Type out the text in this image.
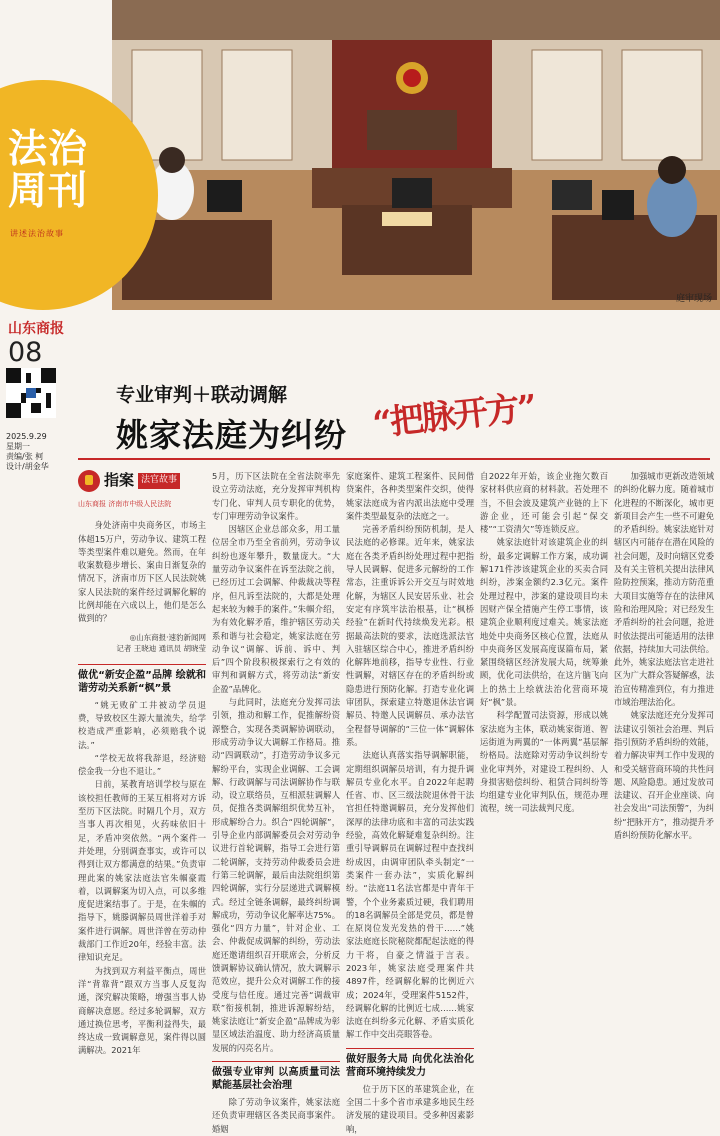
庭审现场
法治
周刊
讲述法治故事
山东商报
08
2025.9.29
星期一
责编/张 柯
设计/胡金华
专业审判＋联动调解
姚家法庭为纠纷 “把脉开方”
指案 法官故事
山东商报 济南市中级人民法院

身处济南中央商务区，市场主体超15万户，劳动争议、建筑工程等类型案件难以避免。然而，在年收案数稳步增长、案由日渐复杂的情况下，济南市历下区人民法院姚家人民法院的案件经过调解化解的比例却能在六成以上，他们是怎么做到的？

◎山东商报·速豹新闻网
记者 王晓迪 通讯员 胡晓莹
做优“新安企盈”品牌 绘就和谐劳动关系新“枫”景

“姚无败矿工井被动学员退费，导致校区生源大量流失，给学校造成严重影响，必须赔我个说法。”

“学校无故将我辞退，经济赔偿金我一分也不退让。”

日前，某教育培训学校与原在该校担任教师的王某互相将对方诉至历下区法院。时隔几个月，双方当事人再次相见，火药味依旧十足，矛盾冲突依然。“两个案件一并处理，分别调查事实，或许可以得到让双方都满意的结果。”负责审理此案的姚家法庭法官朱帼豪霞着，以调解案为切入点，可以多维度促进案结事了。于是，在朱帼的指导下，姚滕调解员周世洋着手对案件进行调解。周世洋曾在劳动仲裁部门工作近20年，经验丰富。法律知识充足。

为找到双方利益平衡点，周世洋“背靠背”跟双方当事人反复沟通，深究解决策略，增强当事人协商解决意愿。经过多轮调解，双方通过换位思考，平衡利益得失，最终达成一致调解意见，案件得以圆满解决。2021年

5月，历下区法院在全省法院率先设立劳动法庭，充分发挥审判机构专门化、审判人员专职化的优势，专门审理劳动争议案件。

因辖区企业总部众多，用工量位居全市乃至全省前列，劳动争议纠纷也逐年攀升，数量庞大。“大量劳动争议案件在诉至法院之前，已经历过工会调解、仲裁裁决等程序，但凡诉至法院的，大都是处理起来较为棘手的案件。”朱帼介绍，为有效化解矛盾，维护辖区劳动关系和谐与社会稳定，姚家法庭在劳动争议“调解、诉前、诉中、判后”四个阶段积极探索行之有效的审判和调解方式，将劳动法“新安企盈”品牌化。

与此同时，法庭充分发挥司法引领，推动和解工作，促推解纷资源整合，实现各类调解协调联动，形成劳动争议大调解工作格局。推动“四调联动”，打造劳动争议多元解纷平台，实现企业调解、工会调解、行政调解与司法调解协作与联动，设立联络员，互相派驻调解人员，促推各类调解组织优势互补，形成解纷合力。织合“四轮调解”，引导企业内部调解委员会对劳动争议进行首轮调解，指导工会进行第二轮调解，支持劳动仲裁委员会进行第三轮调解，最后由法院组织第四轮调解，实行分层递进式调解模式。经过全链条调解，最终纠纷调解成功，劳动争议化解率达75%。强化“四方力量”，针对企业、工会、仲裁促成调解的纠纷，劳动法庭还邀请组织召开联席会，分析反馈调解协议确认情况，放大调解示范效应，提升公众对调解工作的接受度与信任度。通过完善“调裁审联”衔接机制，推进诉源解纷结，姚家法庭让“新安企盈”品牌成为彰显区域法治温度、助力经济高质量发展的闪亮名片。

做强专业审判 以高质量司法赋能基层社会治理

除了劳动争议案件，姚家法庭还负责审理辖区各类民商事案件。婚姻

家庭案件、建筑工程案件、民间借贷案件，各种类型案件交织，使得姚家法庭成为省内派出法庭中受理案件类型最复杂的法庭之一。

完善矛盾纠纷预防机制，是人民法庭的必修课。近年来，姚家法庭在各类矛盾纠纷处理过程中把指导人民调解、促进多元解纷的工作常态，注重诉诉公开交互与时效地化解，为辖区人民安居乐业、社会安定有序筑牢法治根基，让“枫桥经验”在新时代持续焕发光彩。根据最高法院的要求，法庭选派法官入驻辖区综合中心，推进矛盾纠纷化解阵地前移，指导专业性、行业性调解，对辖区存在的矛盾纠纷或隐患进行预防化解。打造专业化调审团队，探索建立特邀退休法官调解员、特邀人民调解员、承办法官全程督导调解的“三位一体”调解体系。

法庭认真落实指导调解职能，定期组织调解员培训，有力提升调解员专业化水平。自2022年起聘任省、市、区三级法院退休骨干法官担任特邀调解员，充分发挥他们深厚的法律功底和丰富的司法实践经验，高效化解疑难复杂纠纷。注重引导调解员在调解过程中查找纠纷成因，由调审团队牵头制定“一类案件一套办法”，实质化解纠纷。“法庭11名法官都是中青年干警，个个业务素质过硬，我们聘用的18名调解员全部是党员，都是曾在原岗位发光发热的骨干……”姚家法庭庭长院秘院都配起法庭的得力干将，自豪之情溢于言表。2023年，姚家法庭受理案件共4897件，经调解化解的比例近六成；2024年，受理案件5152件，经调解化解的比例近七成……姚家法庭在纠纷多元化解、矛盾实质化解工作中交出亮眼答卷。

做好服务大局 向优化法治化营商环境持续发力

位于历下区的革建筑企业，在全国二十多个省市承建多地民生经济发展的建设项目。受多种因素影响，

自2022年开始，该企业拖欠数百家材料供应商的材料款。若处理不当，不但会波及建筑产业链的上下游企业，还可能会引起“保交楼”“工资清欠”等连锁反应。

姚家法庭针对该建筑企业的纠纷，最多定调解工作方案，成功调解171件涉该建筑企业的买卖合同纠纷，涉案金额约2.3亿元。案件处理过程中，涉案的建设项目均未因财产保全措施产生停工事情，该建筑企业顺利度过难关。姚家法庭地处中央商务区核心位置，法庭从中央商务区发展高度谋篇布局，紧紧围绕辖区经济发展大局，统筹兼顾，优化司法供给，在这片脑飞向上的热土上绘就法治化营商环境好“枫”景。

科学配置司法资源，形成以姚家法庭为主体，联动姚家街道、智运街道为两翼的“一体两翼”基层解纷格局。法庭除对劳动争议纠纷专业化审判外，对建设工程纠纷、人身损害赔偿纠纷、租赁合同纠纷等均组建专业化审判队伍，规范办理流程，统一司法裁判尺度。

加强城市更新改造领域的纠纷化解力度。随着城市化进程的不断深化，城市更新项目会产生一些不可避免的矛盾纠纷。姚家法庭针对辖区内可能存在潜在风险的社会问题，及时向辖区党委及有关主管机关提出法律风险防控预案，推动方防范重大项目实施等存在的法律风险和治理风险；对已经发生矛盾纠纷的社会问题，抢进时依法提出可能适用的法律依据，持续加大司法供给。此外，姚家法庭法官走进社区为广大群众答疑解惑，法治宣传精准到位，有力推进市域治理法治化。

姚家法庭还充分发挥司法建议引领社会治理、判后指引预防矛盾纠纷的效能，着力解决审判工作中发现的和受关辖营商环境的共性问题、风险隐患。通过发放司法建议、召开企业座谈、向社会发出“司法预警”，为纠纷“把脉开方”，推动提升矛盾纠纷预防化解水平。
